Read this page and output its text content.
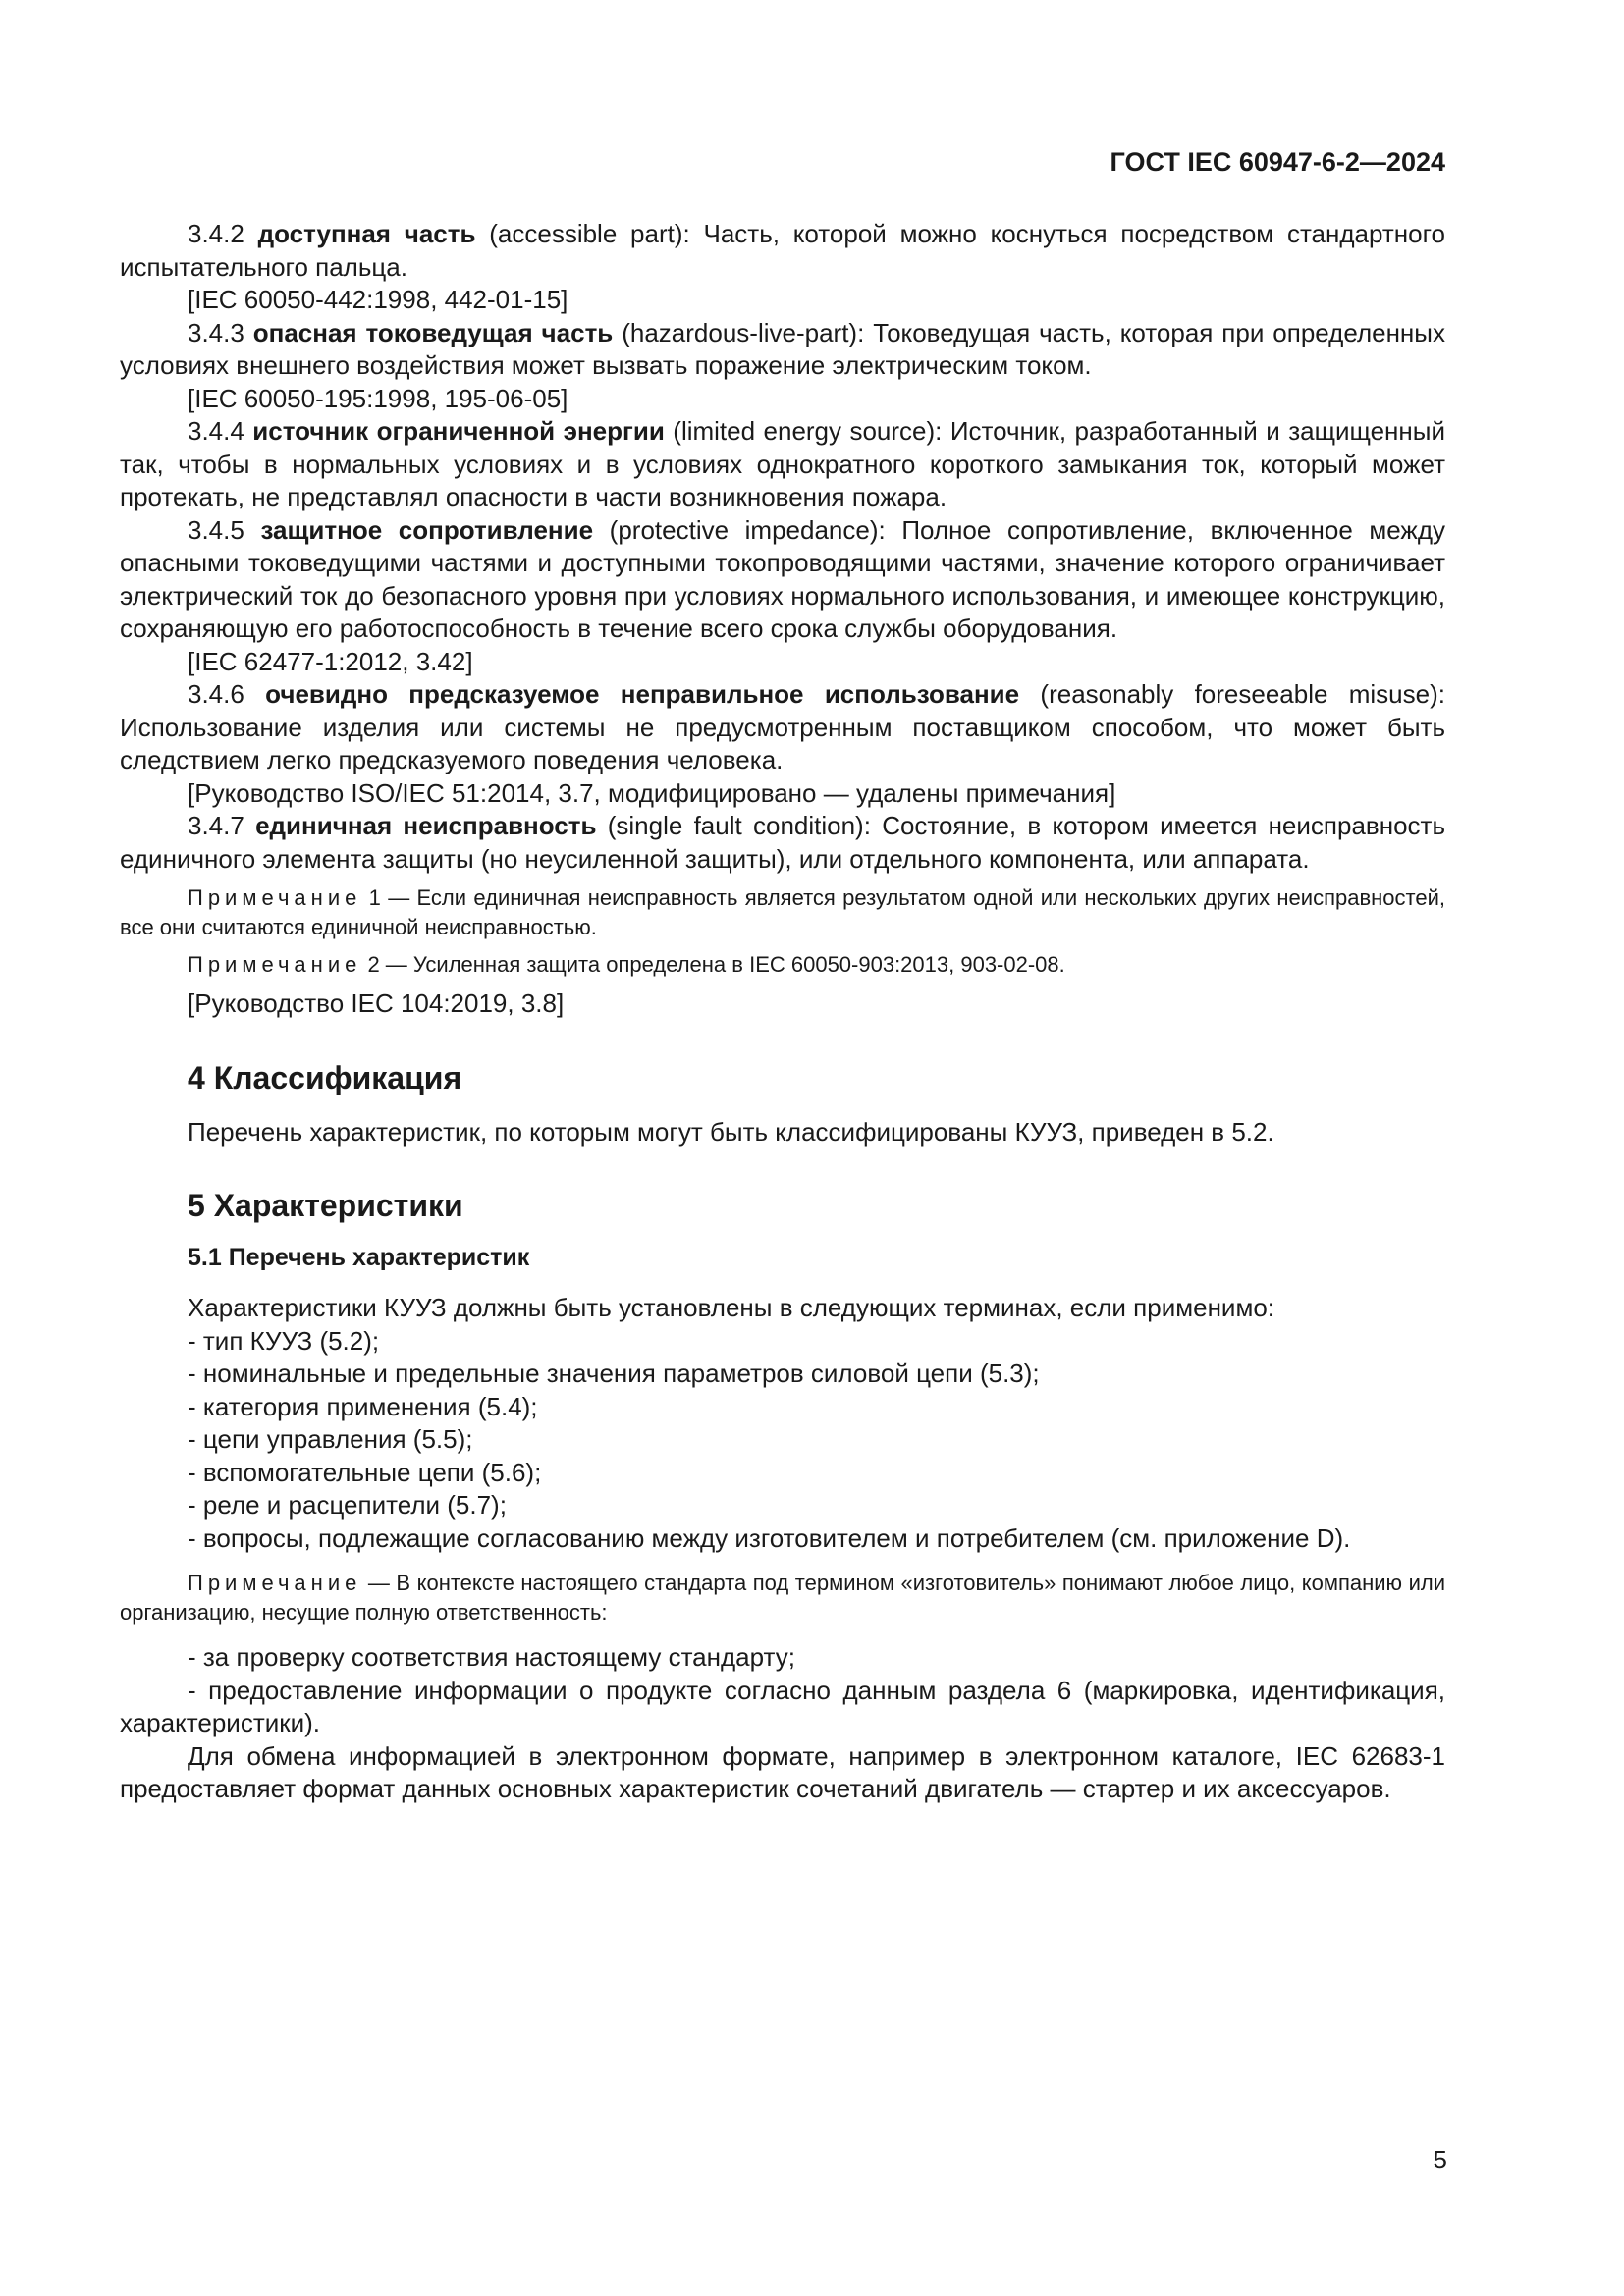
ГОСТ IEC 60947-6-2—2024

3.4.2 доступная часть (accessible part): Часть, которой можно коснуться посредством стандартного испытательного пальца.

[IEC 60050-442:1998, 442-01-15]

3.4.3 опасная токоведущая часть (hazardous-live-part): Токоведущая часть, которая при определенных условиях внешнего воздействия может вызвать поражение электрическим током.

[IEC 60050-195:1998, 195-06-05]

3.4.4 источник ограниченной энергии (limited energy source): Источник, разработанный и защищенный так, чтобы в нормальных условиях и в условиях однократного короткого замыкания ток, который может протекать, не представлял опасности в части возникновения пожара.

3.4.5 защитное сопротивление (protective impedance): Полное сопротивление, включенное между опасными токоведущими частями и доступными токопроводящими частями, значение которого ограничивает электрический ток до безопасного уровня при условиях нормального использования, и имеющее конструкцию, сохраняющую его работоспособность в течение всего срока службы оборудования.

[IEC 62477-1:2012, 3.42]

3.4.6 очевидно предсказуемое неправильное использование (reasonably foreseeable misuse): Использование изделия или системы не предусмотренным поставщиком способом, что может быть следствием легко предсказуемого поведения человека.

[Руководство ISO/IEC 51:2014, 3.7, модифицировано — удалены примечания]

3.4.7 единичная неисправность (single fault condition): Состояние, в котором имеется неисправность единичного элемента защиты (но неусиленной защиты), или отдельного компонента, или аппарата.

Примечание 1 — Если единичная неисправность является результатом одной или нескольких других неисправностей, все они считаются единичной неисправностью.
Примечание 2 — Усиленная защита определена в IEC 60050-903:2013, 903-02-08.

[Руководство IEC 104:2019, 3.8]

4 Классификация

Перечень характеристик, по которым могут быть классифицированы КУУЗ, приведен в 5.2.

5 Характеристики
5.1 Перечень характеристик

Характеристики КУУЗ должны быть установлены в следующих терминах, если применимо:

- тип КУУЗ (5.2);

- номинальные и предельные значения параметров силовой цепи (5.3);

- категория применения (5.4);

- цепи управления (5.5);

- вспомогательные цепи (5.6);

- реле и расцепители (5.7);

- вопросы, подлежащие согласованию между изготовителем и потребителем (см. приложение D).

Примечание — В контексте настоящего стандарта под термином «изготовитель» понимают любое лицо, компанию или организацию, несущие полную ответственность:

- за проверку соответствия настоящему стандарту;

- предоставление информации о продукте согласно данным раздела 6 (маркировка, идентификация, характеристики).

Для обмена информацией в электронном формате, например в электронном каталоге, IEC 62683-1 предоставляет формат данных основных характеристик сочетаний двигатель — стартер и их аксессуаров.

5
